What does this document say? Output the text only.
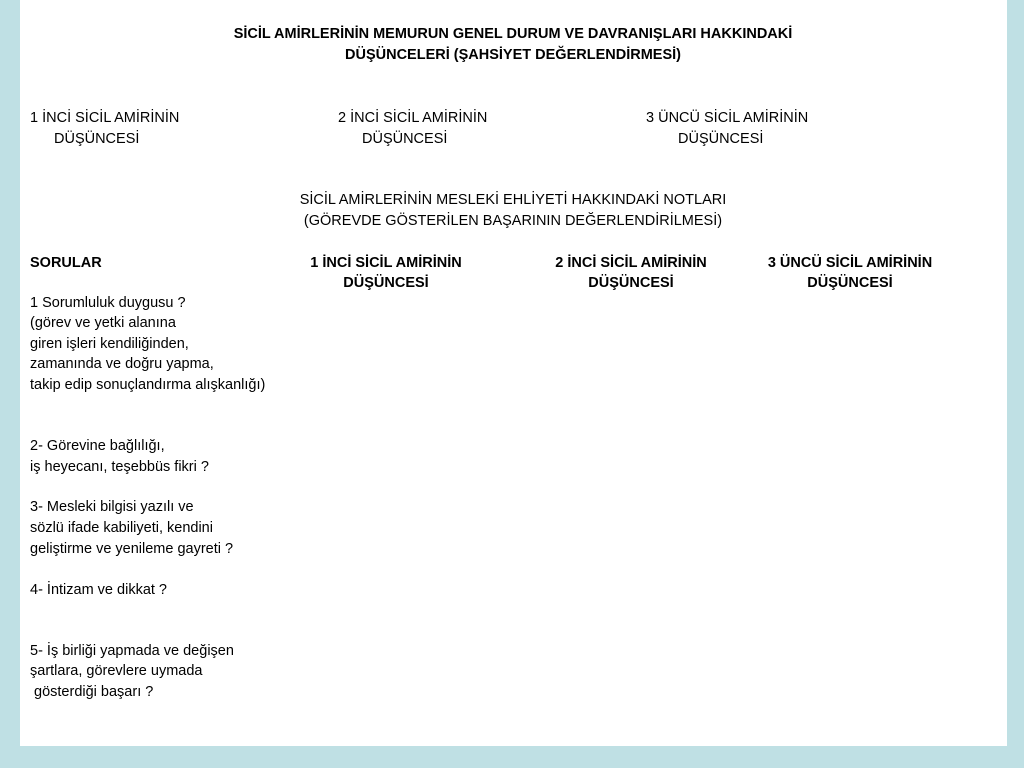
SİCİL AMİRLERİNİN MEMURUN GENEL DURUM VE DAVRANIŞLARI HAKKINDAKİ
DÜŞÜNCELERİ (ŞAHSİYET DEĞERLENDİRMESİ)
1 İNCİ SİCİL AMİRİNİN
DÜŞÜNCESİ
2 İNCİ SİCİL AMİRİNİN
DÜŞÜNCESİ
3 ÜNCÜ SİCİL AMİRİNİN
DÜŞÜNCESİ
SİCİL AMİRLERİNİN MESLEKİ EHLİYETİ HAKKINDAKİ NOTLARI
(GÖREVDE GÖSTERİLEN BAŞARININ DEĞERLENDİRİLMESİ)
SORULAR	1 İNCİ SİCİL AMİRİNİN
DÜŞÜNCESİ
2 İNCİ SİCİL AMİRİNİN
DÜŞÜNCESİ
3 ÜNCÜ SİCİL AMİRİNİN
DÜŞÜNCESİ
1 Sorumluluk duygusu ?
(görev ve yetki alanına
giren işleri kendiliğinden,
zamanında ve doğru yapma,
takip edip sonuçlandırma alışkanlığı)
2- Görevine bağlılığı,
iş heyecanı, teşebbüs fikri ?
3- Mesleki bilgisi yazılı ve
sözlü ifade kabiliyeti, kendini
geliştirme ve yenileme gayreti ?
4- İntizam ve dikkat ?
5- İş birliği yapmada ve değişen
şartlara, görevlere uymada
gösterdiği başarı ?
